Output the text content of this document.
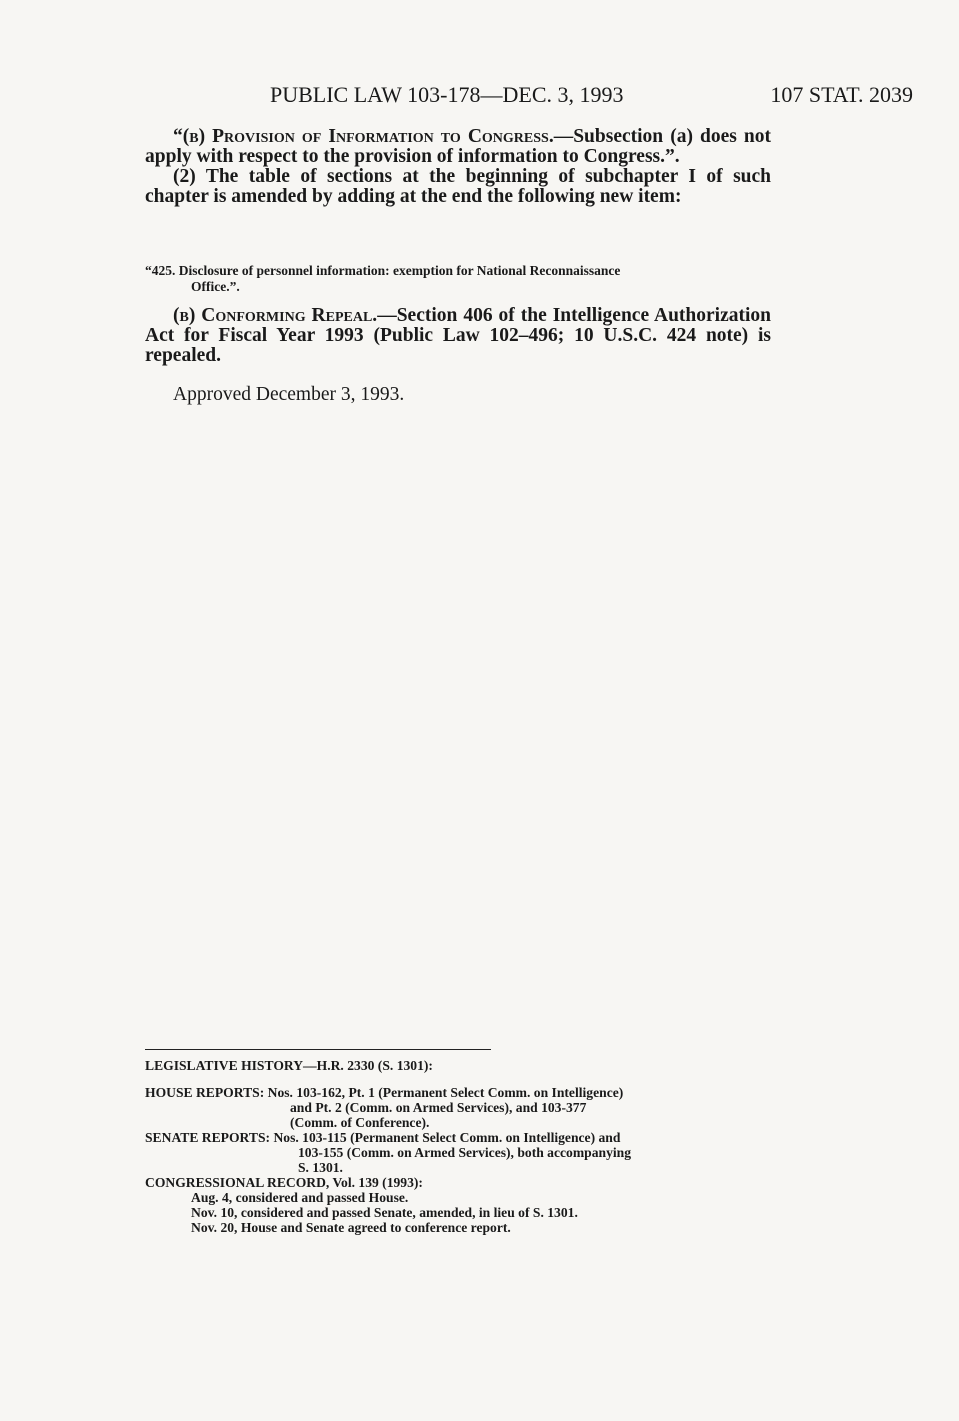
PUBLIC LAW 103-178—DEC. 3, 1993	107 STAT. 2039

“(b) Provision of Information to Congress.—Subsection (a) does not apply with respect to the provision of information to Congress.”.

(2) The table of sections at the beginning of subchapter I of such chapter is amended by adding at the end the following new item:

“425. Disclosure of personnel information: exemption for National Reconnaissance
Office.”.

(b) Conforming Repeal.—Section 406 of the Intelligence Authorization Act for Fiscal Year 1993 (Public Law 102–496; 10 U.S.C. 424 note) is repealed.

Approved December 3, 1993.

LEGISLATIVE HISTORY—H.R. 2330 (S. 1301):

HOUSE REPORTS: Nos. 103-162, Pt. 1 (Permanent Select Comm. on Intelligence)

and Pt. 2 (Comm. on Armed Services), and 103-377

(Comm. of Conference).

SENATE REPORTS: Nos. 103-115 (Permanent Select Comm. on Intelligence) and

103-155 (Comm. on Armed Services), both accompanying

S. 1301.

CONGRESSIONAL RECORD, Vol. 139 (1993):

Aug. 4, considered and passed House.

Nov. 10, considered and passed Senate, amended, in lieu of S. 1301.

Nov. 20, House and Senate agreed to conference report.
